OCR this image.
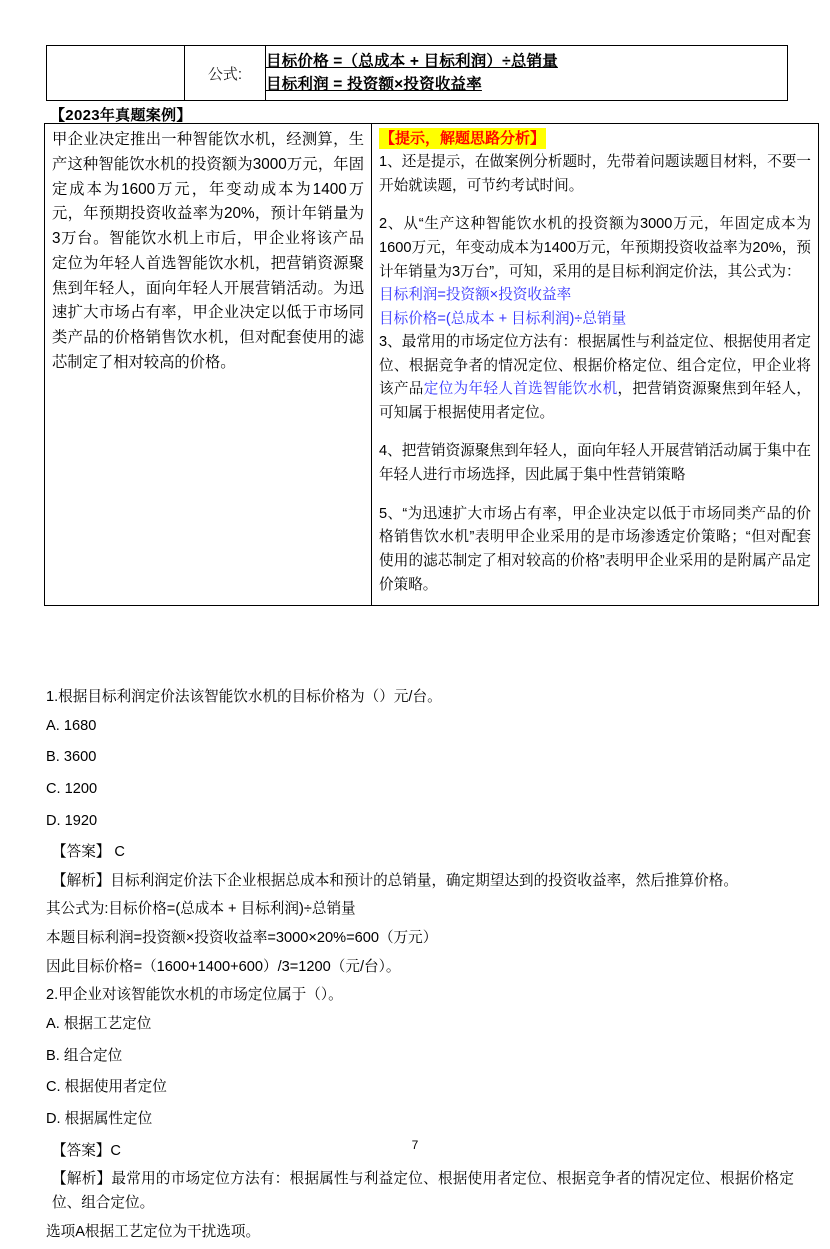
	公式:	
目标价格 =（总成本 + 目标利润）÷总销量
目标利润 = 投资额×投资收益率
【2023年真题案例】
甲企业决定推出一种智能饮水机，经测算，生产这种智能饮水机的投资额为3000万元，年固定成本为1600万元，年变动成本为1400万元，年预期投资收益率为20%，预计年销量为3万台。智能饮水机上市后，甲企业将该产品定位为年轻人首选智能饮水机，把营销资源聚焦到年轻人，面向年轻人开展营销活动。为迅速扩大市场占有率，甲企业决定以低于市场同类产品的价格销售饮水机，但对配套使用的滤芯制定了相对较高的价格。

【提示，解题思路分析】

1、还是提示，在做案例分析题时，先带着问题读题目材料，不要一开始就读题，可节约考试时间。

2、从“生产这种智能饮水机的投资额为3000万元，年固定成本为1600万元，年变动成本为1400万元，年预期投资收益率为20%，预计年销量为3万台”，可知，采用的是目标利润定价法，其公式为：

目标利润=投资额×投资收益率
目标价格=(总成本 + 目标利润)÷总销量

3、最常用的市场定位方法有：根据属性与利益定位、根据使用者定位、根据竞争者的情况定位、根据价格定位、组合定位，甲企业将该产品定位为年轻人首选智能饮水机，把营销资源聚焦到年轻人，可知属于根据使用者定位。

4、把营销资源聚焦到年轻人，面向年轻人开展营销活动属于集中在年轻人进行市场选择，因此属于集中性营销策略

5、“为迅速扩大市场占有率，甲企业决定以低于市场同类产品的价格销售饮水机”表明甲企业采用的是市场渗透定价策略；“但对配套使用的滤芯制定了相对较高的价格”表明甲企业采用的是附属产品定价策略。

1.根据目标利润定价法该智能饮水机的目标价格为（）元/台。
A. 1680
B. 3600
C. 1200
D. 1920
【答案】 C
【解析】目标利润定价法下企业根据总成本和预计的总销量，确定期望达到的投资收益率，然后推算价格。
其公式为:目标价格=(总成本 + 目标利润)÷总销量
本题目标利润=投资额×投资收益率=3000×20%=600（万元）
因此目标价格=（1600+1400+600）/3=1200（元/台）。
2.甲企业对该智能饮水机的市场定位属于（）。
A. 根据工艺定位
B. 组合定位
C. 根据使用者定位
D. 根据属性定位
【答案】C
【解析】最常用的市场定位方法有：根据属性与利益定位、根据使用者定位、根据竞争者的情况定位、根据价格定位、组合定位。
选项A根据工艺定位为干扰选项。
7
